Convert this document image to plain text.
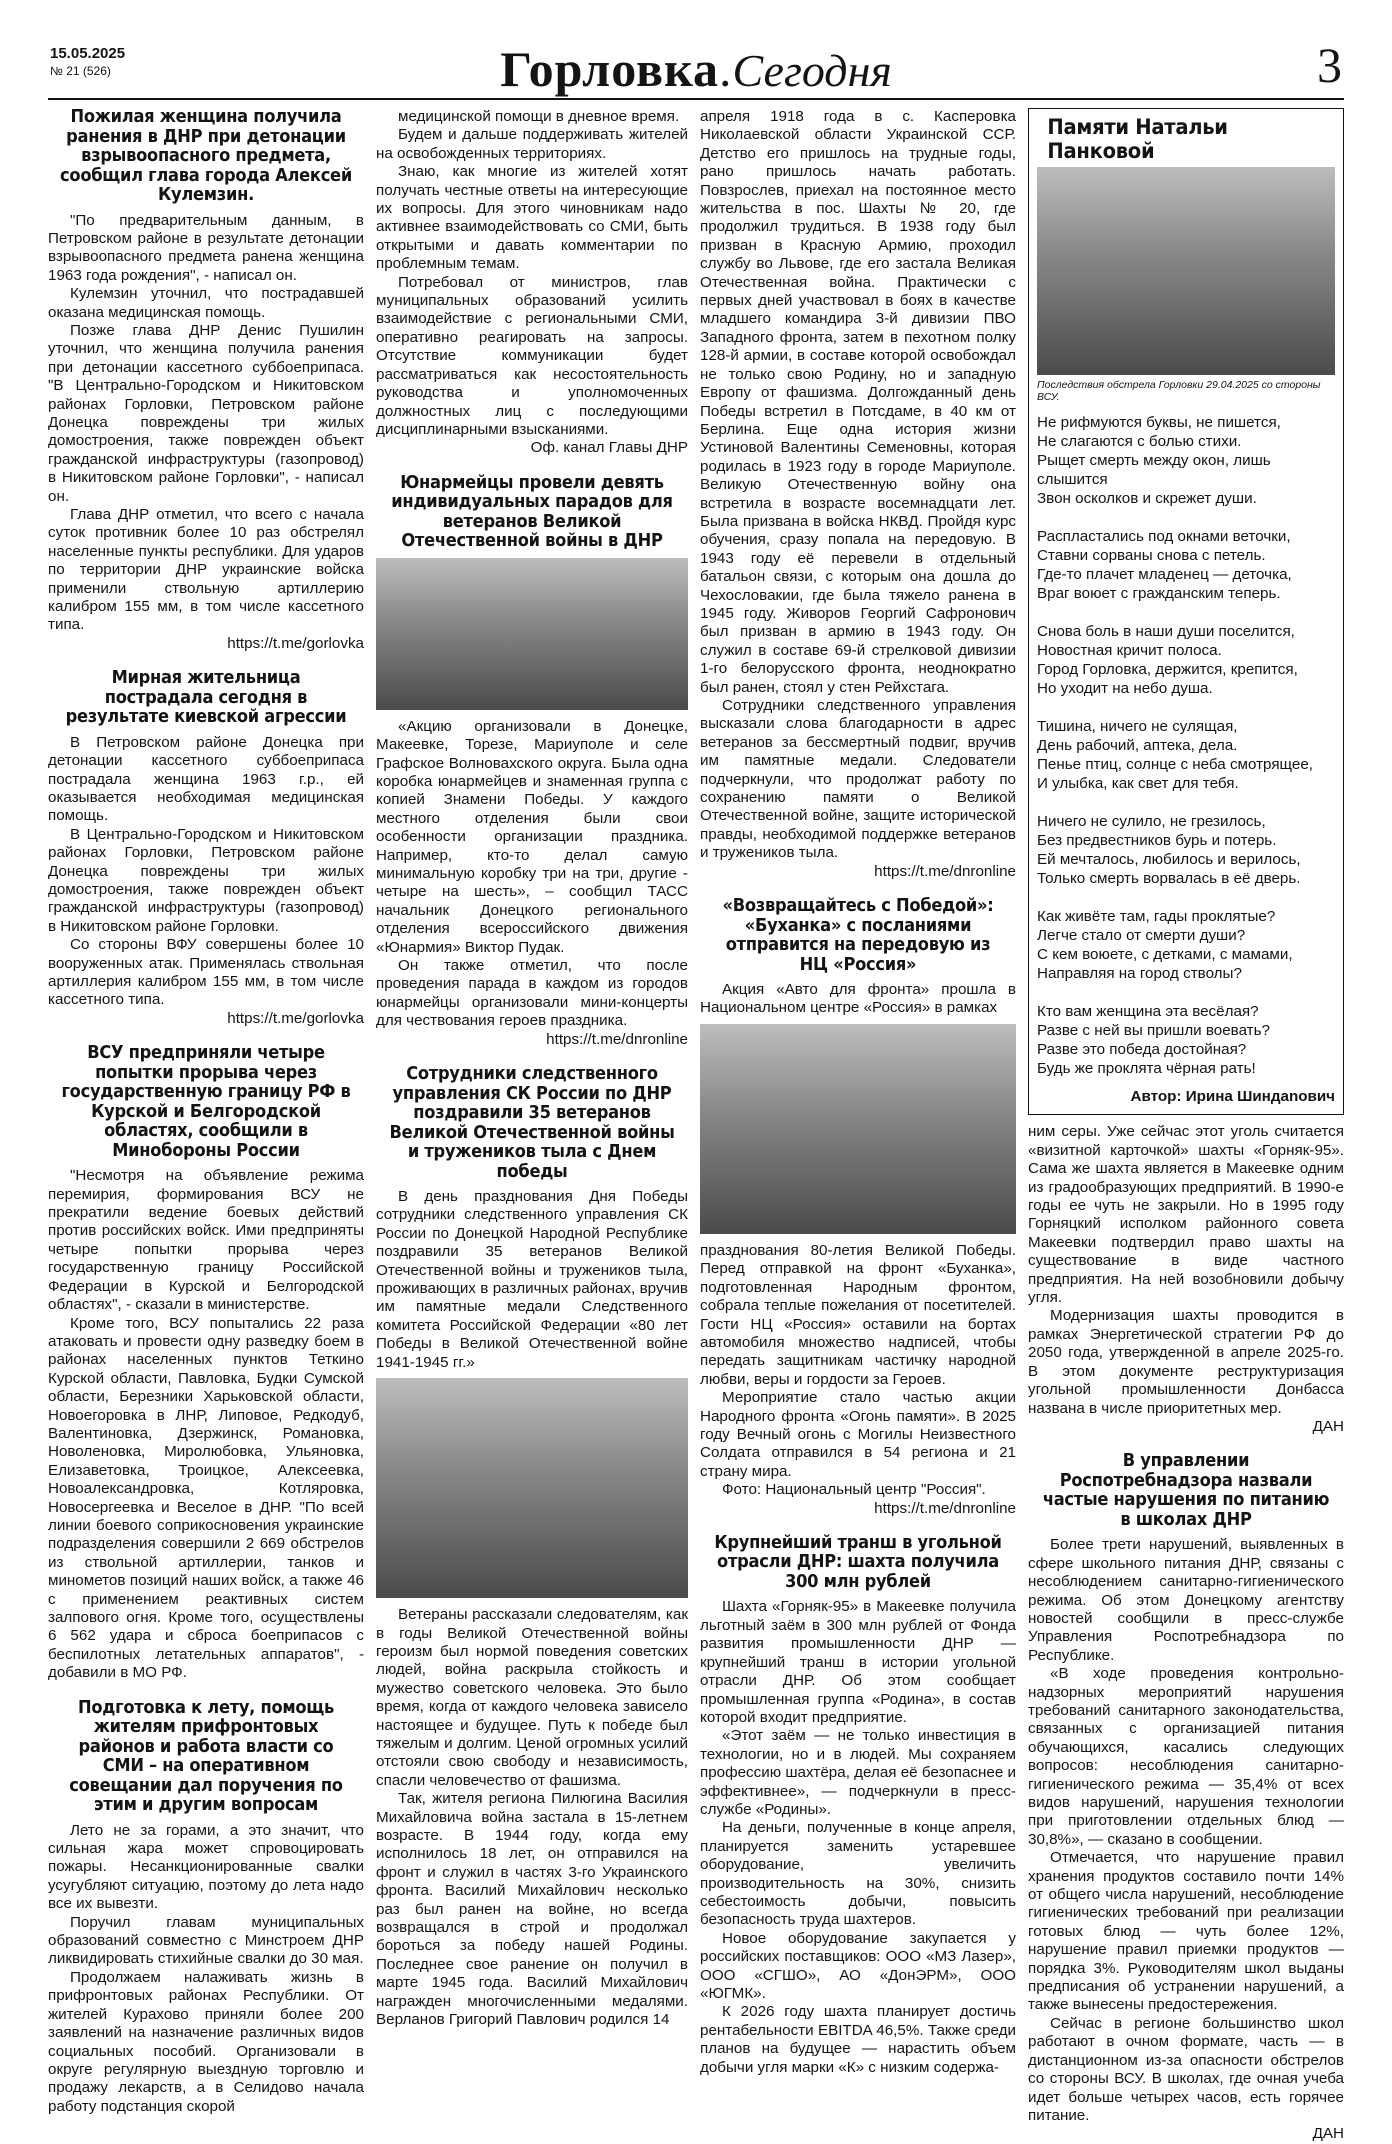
15.05.2025
№ 21 (526)	Горловка.Сегодня	3
Пожилая женщина получила ранения в ДНР при детонации взрывоопасного предмета, сообщил глава города Алексей Кулемзин.

"По предварительным данным, в Петровском районе в результате детонации взрывоопасного предмета ранена женщина 1963 года рождения", - написал он.

Кулемзин уточнил, что пострадавшей оказана медицинская помощь.

Позже глава ДНР Денис Пушилин уточнил, что женщина получила ранения при детонации кассетного суббоеприпаса. "В Центрально-Городском и Никитовском районах Горловки, Петровском районе Донецка повреждены три жилых домостроения, также поврежден объект гражданской инфраструктуры (газопровод) в Никитовском районе Горловки", - написал он.

Глава ДНР отметил, что всего с начала суток противник более 10 раз обстрелял населенные пункты республики. Для ударов по территории ДНР украинские войска применили ствольную артиллерию калибром 155 мм, в том числе кассетного типа.

https://t.me/gorlovka

Мирная жительница пострадала сегодня в результате киевской агрессии

В Петровском районе Донецка при детонации кассетного суббоеприпаса пострадала женщина 1963 г.р., ей оказывается необходимая медицинская помощь.

В Центрально-Городском и Никитовском районах Горловки, Петровском районе Донецка повреждены три жилых домостроения, также поврежден объект гражданской инфраструктуры (газопровод) в Никитовском районе Горловки.

Со стороны ВФУ совершены более 10 вооруженных атак. Применялась ствольная артиллерия калибром 155 мм, в том числе кассетного типа.

https://t.me/gorlovka

ВСУ предприняли четыре попытки прорыва через государственную границу РФ в Курской и Белгородской областях, сообщили в Минобороны России

"Несмотря на объявление режима перемирия, формирования ВСУ не прекратили ведение боевых действий против российских войск. Ими предприняты четыре попытки прорыва через государственную границу Российской Федерации в Курской и Белгородской областях", - сказали в министерстве.

Кроме того, ВСУ попытались 22 раза атаковать и провести одну разведку боем в районах населенных пунктов Теткино Курской области, Павловка, Будки Сумской области, Березники Харьковской области, Новоегоровка в ЛНР, Липовое, Редкодуб, Валентиновка, Дзержинск, Романовка, Новоленовка, Миролюбовка, Ульяновка, Елизаветовка, Троицкое, Алексеевка, Новоалександровка, Котляровка, Новосергеевка и Веселое в ДНР. "По всей линии боевого соприкосновения украинские подразделения совершили 2 669 обстрелов из ствольной артиллерии, танков и минометов позиций наших войск, а также 46 с применением реактивных систем залпового огня. Кроме того, осуществлены 6 562 удара и сброса боеприпасов с беспилотных летательных аппаратов", - добавили в МО РФ.

Подготовка к лету, помощь жителям прифронтовых районов и работа власти со СМИ – на оперативном совещании дал поручения по этим и другим вопросам

Лето не за горами, а это значит, что сильная жара может спровоцировать пожары. Несанкционированные свалки усугубляют ситуацию, поэтому до лета надо все их вывезти.

Поручил главам муниципальных образований совместно с Минстроем ДНР ликвидировать стихийные свалки до 30 мая.

Продолжаем налаживать жизнь в прифронтовых районах Республики. От жителей Курахово приняли более 200 заявлений на назначение различных видов социальных пособий. Организовали в округе регулярную выездную торговлю и продажу лекарств, а в Селидово начала работу подстанция скорой

медицинской помощи в дневное время.

Будем и дальше поддерживать жителей на освобожденных территориях.

Знаю, как многие из жителей хотят получать честные ответы на интересующие их вопросы. Для этого чиновникам надо активнее взаимодействовать со СМИ, быть открытыми и давать комментарии по проблемным темам.

Потребовал от министров, глав муниципальных образований усилить взаимодействие с региональными СМИ, оперативно реагировать на запросы. Отсутствие коммуникации будет рассматриваться как несостоятельность руководства и уполномоченных должностных лиц с последующими дисциплинарными взысканиями.

Оф. канал Главы ДНР

Юнармейцы провели девять индивидуальных парадов для ветеранов Великой Отечественной войны в ДНР

«Акцию организовали в Донецке, Макеевке, Торезе, Мариуполе и селе Графское Волновахского округа. Была одна коробка юнармейцев и знаменная группа с копией Знамени Победы. У каждого местного отделения были свои особенности организации праздника. Например, кто-то делал самую минимальную коробку три на три, другие - четыре на шесть», – сообщил ТАСС начальник Донецкого регионального отделения всероссийского движения «Юнармия» Виктор Пудак.

Он также отметил, что после проведения парада в каждом из городов юнармейцы организовали мини-концерты для чествования героев праздника.

https://t.me/dnronline

Сотрудники следственного управления СК России по ДНР поздравили 35 ветеранов Великой Отечественной войны и тружеников тыла с Днем победы

В день празднования Дня Победы сотрудники следственного управления СК России по Донецкой Народной Республике поздравили 35 ветеранов Великой Отечественной войны и тружеников тыла, проживающих в различных районах, вручив им памятные медали Следственного комитета Российской Федерации «80 лет Победы в Великой Отечественной войне 1941-1945 гг.»

Ветераны рассказали следователям, как в годы Великой Отечественной войны героизм был нормой поведения советских людей, война раскрыла стойкость и мужество советского человека. Это было время, когда от каждого человека зависело настоящее и будущее. Путь к победе был тяжелым и долгим. Ценой огромных усилий отстояли свою свободу и независимость, спасли человечество от фашизма.

Так, жителя региона Пилюгина Василия Михайловича война застала в 15-летнем возрасте. В 1944 году, когда ему исполнилось 18 лет, он отправился на фронт и служил в частях 3-го Украинского фронта. Василий Михайлович несколько раз был ранен на войне, но всегда возвращался в строй и продолжал бороться за победу нашей Родины. Последнее свое ранение он получил в марте 1945 года. Василий Михайлович награжден многочисленными медалями. Верланов Григорий Павлович родился 14

апреля 1918 года в с. Касперовка Николаевской области Украинской ССР. Детство его пришлось на трудные годы, рано пришлось начать работать. Повзрослев, приехал на постоянное место жительства в пос. Шахты № 20, где продолжил трудиться. В 1938 году был призван в Красную Армию, проходил службу во Львове, где его застала Великая Отечественная война. Практически с первых дней участвовал в боях в качестве младшего командира 3-й дивизии ПВО Западного фронта, затем в пехотном полку 128-й армии, в составе которой освобождал не только свою Родину, но и западную Европу от фашизма. Долгожданный день Победы встретил в Потсдаме, в 40 км от Берлина. Еще одна история жизни Устиновой Валентины Семеновны, которая родилась в 1923 году в городе Мариуполе. Великую Отечественную войну она встретила в возрасте восемнадцати лет. Была призвана в войска НКВД. Пройдя курс обучения, сразу попала на передовую. В 1943 году её перевели в отдельный батальон связи, с которым она дошла до Чехословакии, где была тяжело ранена в 1945 году. Живоров Георгий Сафронович был призван в армию в 1943 году. Он служил в составе 69-й стрелковой дивизии 1-го белорусского фронта, неоднократно был ранен, стоял у стен Рейхстага.

Сотрудники следственного управления высказали слова благодарности в адрес ветеранов за бессмертный подвиг, вручив им памятные медали. Следователи подчеркнули, что продолжат работу по сохранению памяти о Великой Отечественной войне, защите исторической правды, необходимой поддержке ветеранов и тружеников тыла.

https://t.me/dnronline

«Возвращайтесь с Победой»: «Буханка» с посланиями отправится на передовую из НЦ «Россия»

Акция «Авто для фронта» прошла в Национальном центре «Россия» в рамках

празднования 80-летия Великой Победы. Перед отправкой на фронт «Буханка», подготовленная Народным фронтом, собрала теплые пожелания от посетителей. Гости НЦ «Россия» оставили на бортах автомобиля множество надписей, чтобы передать защитникам частичку народной любви, веры и гордости за Героев.

Мероприятие стало частью акции Народного фронта «Огонь памяти». В 2025 году Вечный огонь с Могилы Неизвестного Солдата отправился в 54 региона и 21 страну мира.

Фото: Национальный центр "Россия".

https://t.me/dnronline

Крупнейший транш в угольной отрасли ДНР: шахта получила 300 млн рублей

Шахта «Горняк-95» в Макеевке получила льготный заём в 300 млн рублей от Фонда развития промышленности ДНР — крупнейший транш в истории угольной отрасли ДНР. Об этом сообщает промышленная группа «Родина», в состав которой входит предприятие.

«Этот заём — не только инвестиция в технологии, но и в людей. Мы сохраняем профессию шахтёра, делая её безопаснее и эффективнее», — подчеркнули в пресс-службе «Родины».

На деньги, полученные в конце апреля, планируется заменить устаревшее оборудование, увеличить производительность на 30%, снизить себестоимость добычи, повысить безопасность труда шахтеров.

Новое оборудование закупается у российских поставщиков: ООО «МЗ Лазер», ООО «СГШО», АО «ДонЭРМ», ООО «ЮГМК».

К 2026 году шахта планирует достичь рентабельности EBITDA 46,5%. Также среди планов на будущее — нарастить объем добычи угля марки «К» с низким содержа-

Памяти Натальи Панковой
Последствия обстрела Горловки 29.04.2025 со стороны ВСУ.
Не рифмуются буквы, не пишется,
Не слагаются с болью стихи.
Рыщет смерть между окон, лишь слышится
Звон осколков и скрежет души.
Распластались под окнами веточки,
Ставни сорваны снова с петель.
Где-то плачет младенец — деточка,
Враг воюет с гражданским теперь.
Снова боль в наши души поселится,
Новостная кричит полоса.
Город Горловка, держится, крепится,
Но уходит на небо душа.
Тишина, ничего не сулящая,
День рабочий, аптека, дела.
Пенье птиц, солнце с неба смотрящее,
И улыбка, как свет для тебя.
Ничего не сулило, не грезилось,
Без предвестников бурь и потерь.
Ей мечталось, любилось и верилось,
Только смерть ворвалась в её дверь.
Как живёте там, гады проклятые?
Легче стало от смерти души?
С кем воюете, с детками, с мамами,
Направляя на город стволы?
Кто вам женщина эта весёлая?
Разве с ней вы пришли воевать?
Разве это победа достойная?
Будь же проклята чёрная рать!

Автор: Ирина Шиндanович

ним серы. Уже сейчас этот уголь считается «визитной карточкой» шахты «Горняк-95». Сама же шахта является в Макеевке одним из градообразующих предприятий. В 1990-е годы ее чуть не закрыли. Но в 1995 году Горняцкий исполком районного совета Макеевки подтвердил право шахты на существование в виде частного предприятия. На ней возобновили добычу угля.

Модернизация шахты проводится в рамках Энергетической стратегии РФ до 2050 года, утвержденной в апреле 2025-го. В этом документе реструктуризация угольной промышленности Донбасса названа в числе приоритетных мер.

ДАН

В управлении Роспотребнадзора назвали частые нарушения по питанию в школах ДНР

Более трети нарушений, выявленных в сфере школьного питания ДНР, связаны с несоблюдением санитарно-гигиенического режима. Об этом Донецкому агентству новостей сообщили в пресс-службе Управления Роспотребнадзора по Республике.

«В ходе проведения контрольно-надзорных мероприятий нарушения требований санитарного законодательства, связанных с организацией питания обучающихся, касались следующих вопросов: несоблюдения санитарно-гигиенического режима — 35,4% от всех видов нарушений, нарушения технологии при приготовлении отдельных блюд — 30,8%», — сказано в сообщении.

Отмечается, что нарушение правил хранения продуктов составило почти 14% от общего числа нарушений, несоблюдение гигиенических требований при реализации готовых блюд — чуть более 12%, нарушение правил приемки продуктов — порядка 3%. Руководителям школ выданы предписания об устранении нарушений, а также вынесены предостережения.

Сейчас в регионе большинство школ работают в очном формате, часть — в дистанционном из-за опасности обстрелов со стороны ВСУ. В школах, где очная учеба идет больше четырех часов, есть горячее питание.

ДАН
